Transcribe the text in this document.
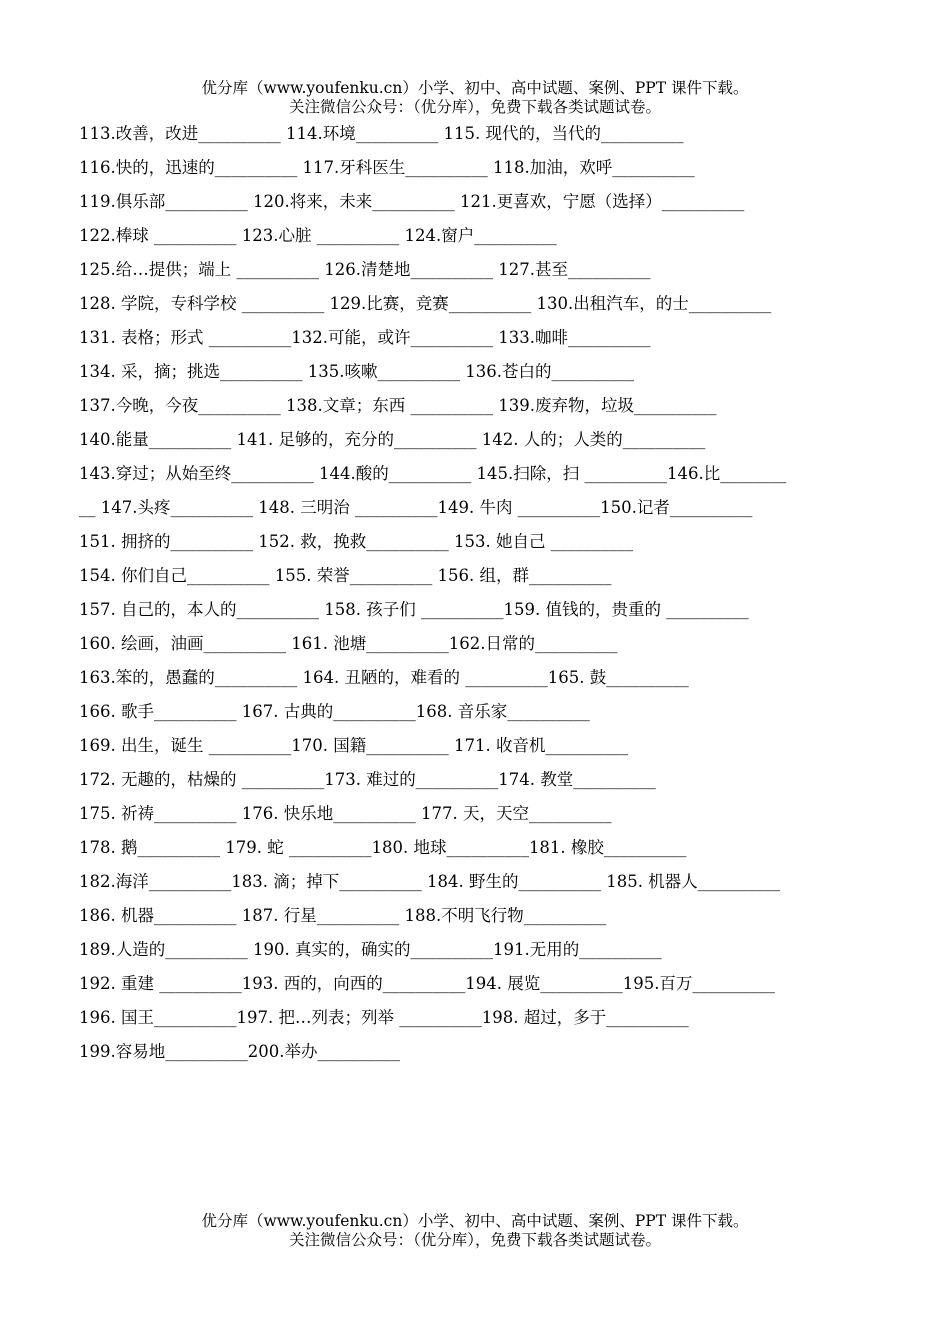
优分库（www.youfenku.cn）小学、初中、高中试题、案例、PPT 课件下载。
关注微信公众号：（优分库），免费下载各类试题试卷。
113.改善，改进__________ 114.环境__________ 115. 现代的，当代的__________
116.快的，迅速的__________ 117.牙科医生__________ 118.加油，欢呼__________
119.俱乐部__________ 120.将来，未来__________ 121.更喜欢，宁愿（选择）__________
122.棒球 __________ 123.心脏 __________ 124.窗户__________
125.给…提供；端上 __________ 126.清楚地__________ 127.甚至__________
128. 学院，专科学校 __________ 129.比赛，竞赛__________ 130.出租汽车，的士__________
131. 表格；形式 __________132.可能，或许__________ 133.咖啡__________
134. 采，摘；挑选__________ 135.咳嗽__________ 136.苍白的__________
137.今晚，今夜__________ 138.文章；东西 __________ 139.废弃物，垃圾__________
140.能量__________ 141. 足够的，充分的__________ 142. 人的；人类的__________
143.穿过；从始至终__________ 144.酸的__________ 145.扫除，扫 __________146.比________
__ 147.头疼__________ 148. 三明治 __________149. 牛肉 __________150.记者__________
151. 拥挤的__________ 152. 救，挽救__________ 153. 她自己 __________
154. 你们自己__________ 155. 荣誉__________ 156. 组，群__________
157. 自己的，本人的__________ 158. 孩子们 __________159. 值钱的，贵重的 __________
160. 绘画，油画__________ 161. 池塘__________162.日常的__________
163.笨的，愚蠢的__________ 164. 丑陋的，难看的 __________165. 鼓__________
166. 歌手__________ 167. 古典的__________168. 音乐家__________
169. 出生，诞生 __________170. 国籍__________ 171. 收音机__________
172. 无趣的，枯燥的 __________173. 难过的__________174. 教堂__________
175. 祈祷__________ 176. 快乐地__________ 177. 天，天空__________
178. 鹅__________ 179. 蛇 __________180. 地球__________181. 橡胶__________
182.海洋__________183. 滴；掉下__________ 184. 野生的__________ 185. 机器人__________
186. 机器__________ 187. 行星__________ 188.不明飞行物__________
189.人造的__________ 190. 真实的，确实的__________191.无用的__________
192. 重建 __________193. 西的，向西的__________194. 展览__________195.百万__________
196. 国王__________197. 把…列表；列举 __________198. 超过，多于__________
199.容易地__________200.举办__________
优分库（www.youfenku.cn）小学、初中、高中试题、案例、PPT 课件下载。
关注微信公众号：（优分库），免费下载各类试题试卷。
